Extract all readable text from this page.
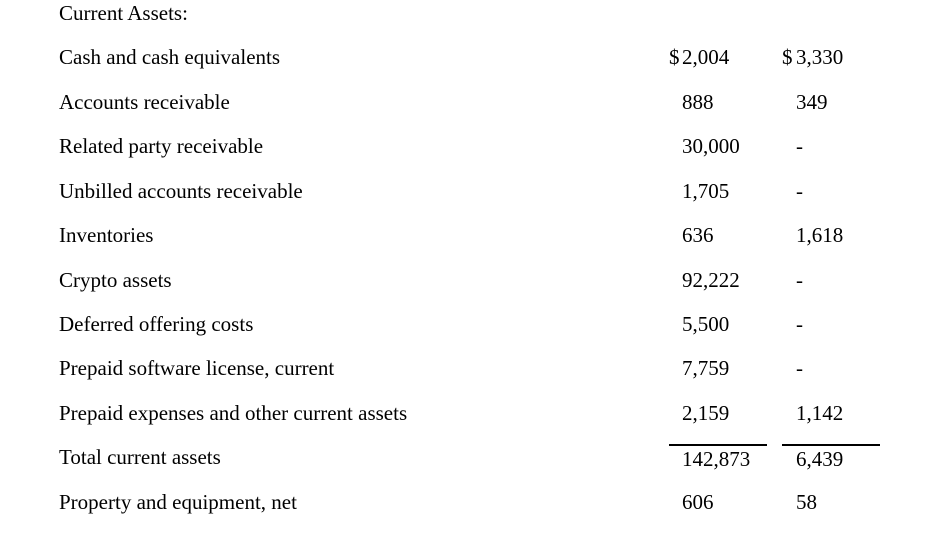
Current Assets:
Cash and cash equivalents	$ 2,004	$ 3,330
Accounts receivable	888	349
Related party receivable	30,000	-
Unbilled accounts receivable	1,705	-
Inventories	636	1,618
Crypto assets	92,222	-
Deferred offering costs	5,500	-
Prepaid software license, current	7,759	-
Prepaid expenses and other current assets	2,159	1,142
Total current assets	142,873	6,439
Property and equipment, net	606	58
